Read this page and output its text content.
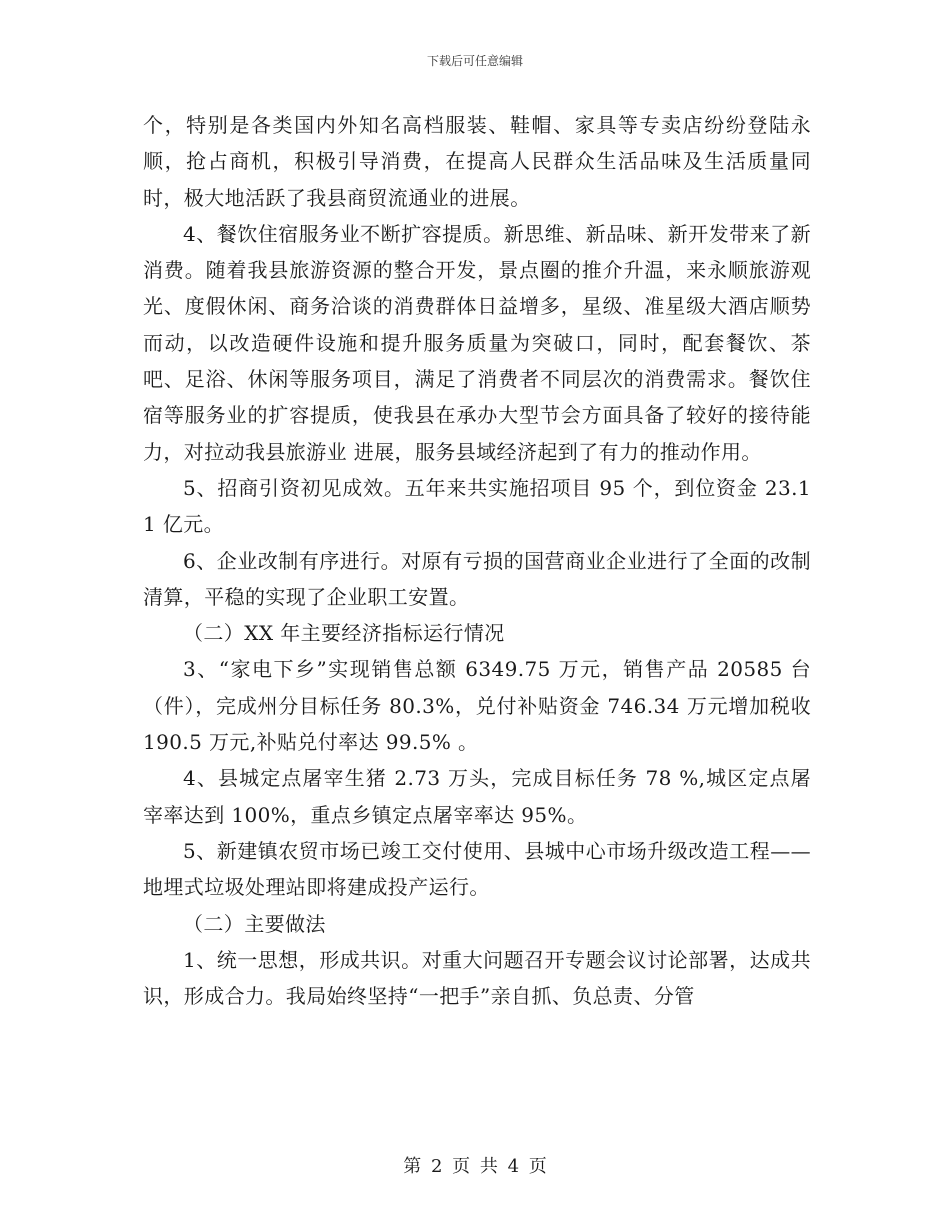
下载后可任意编辑

个，特别是各类国内外知名高档服装、鞋帽、家具等专卖店纷纷登陆永顺，抢占商机，积极引导消费，在提高人民群众生活品味及生活质量同时，极大地活跃了我县商贸流通业的进展。

4、餐饮住宿服务业不断扩容提质。新思维、新品味、新开发带来了新消费。随着我县旅游资源的整合开发，景点圈的推介升温，来永顺旅游观光、度假休闲、商务洽谈的消费群体日益增多，星级、准星级大酒店顺势而动，以改造硬件设施和提升服务质量为突破口，同时，配套餐饮、茶吧、足浴、休闲等服务项目，满足了消费者不同层次的消费需求。餐饮住宿等服务业的扩容提质，使我县在承办大型节会方面具备了较好的接待能力，对拉动我县旅游业 进展，服务县域经济起到了有力的推动作用。

5、招商引资初见成效。五年来共实施招项目 95 个，到位资金 23.11 亿元。

6、企业改制有序进行。对原有亏损的国营商业企业进行了全面的改制清算，平稳的实现了企业职工安置。

（二）XX 年主要经济指标运行情况

3、“家电下乡”实现销售总额 6349.75 万元，销售产品 20585 台（件），完成州分目标任务 80.3%，兑付补贴资金 746.34 万元增加税收 190.5 万元,补贴兑付率达 99.5% 。

4、县城定点屠宰生猪 2.73 万头，完成目标任务 78 %,城区定点屠宰率达到 100%，重点乡镇定点屠宰率达 95%。

5、新建镇农贸市场已竣工交付使用、县城中心市场升级改造工程——地埋式垃圾处理站即将建成投产运行。

（二）主要做法

1、统一思想，形成共识。对重大问题召开专题会议讨论部署，达成共识，形成合力。我局始终坚持“一把手”亲自抓、负总责、分管

第 2 页 共 4 页
